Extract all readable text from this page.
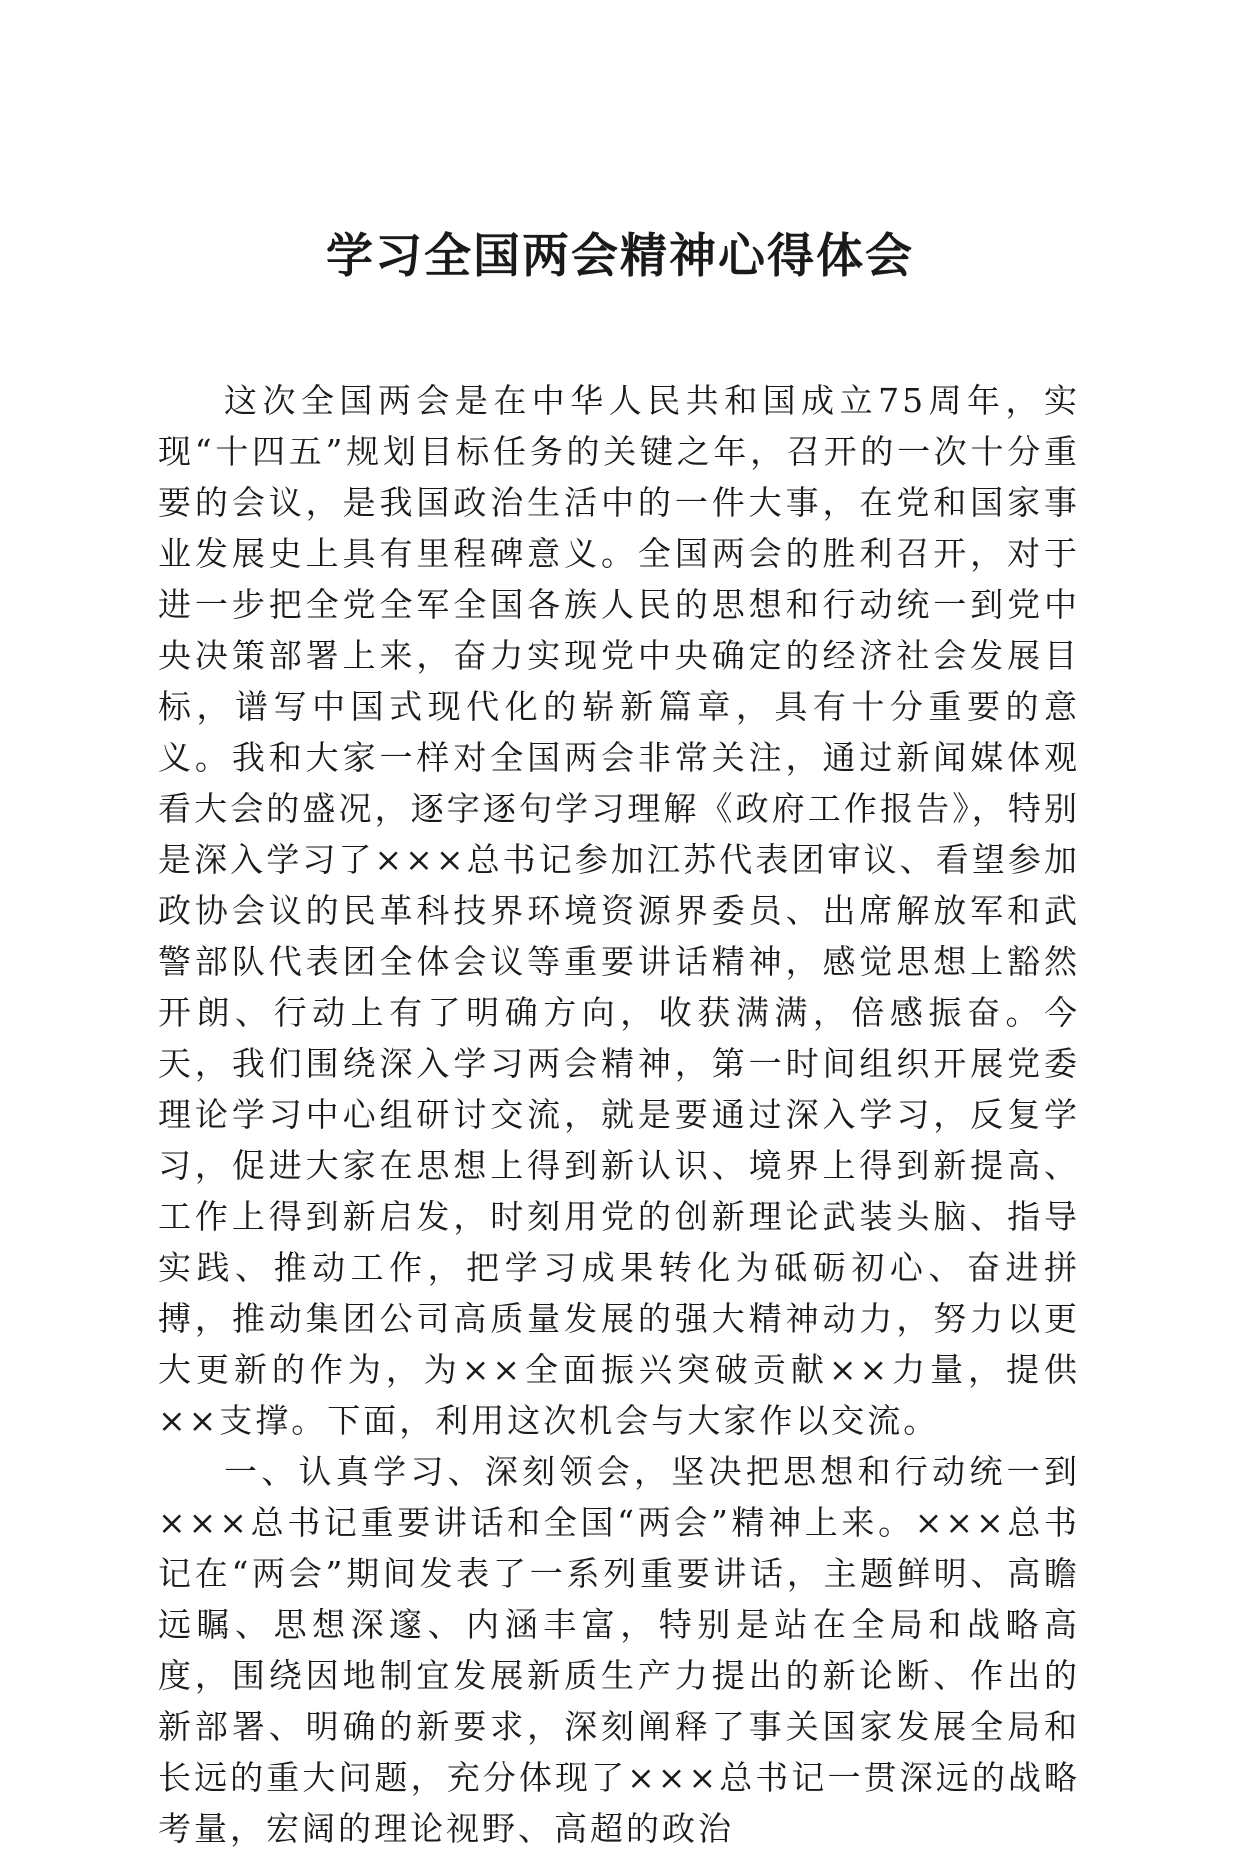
学习全国两会精神心得体会

这次全国两会是在中华人民共和国成立75周年，实现“十四五”规划目标任务的关键之年，召开的一次十分重要的会议，是我国政治生活中的一件大事，在党和国家事业发展史上具有里程碑意义。全国两会的胜利召开，对于进一步把全党全军全国各族人民的思想和行动统一到党中央决策部署上来，奋力实现党中央确定的经济社会发展目标，谱写中国式现代化的崭新篇章，具有十分重要的意义。我和大家一样对全国两会非常关注，通过新闻媒体观看大会的盛况，逐字逐句学习理解《政府工作报告》，特别是深入学习了×××总书记参加江苏代表团审议、看望参加政协会议的民革科技界环境资源界委员、出席解放军和武警部队代表团全体会议等重要讲话精神，感觉思想上豁然开朗、行动上有了明确方向，收获满满，倍感振奋。今天，我们围绕深入学习两会精神，第一时间组织开展党委理论学习中心组研讨交流，就是要通过深入学习，反复学习，促进大家在思想上得到新认识、境界上得到新提高、工作上得到新启发，时刻用党的创新理论武装头脑、指导实践、推动工作，把学习成果转化为砥砺初心、奋进拼搏，推动集团公司高质量发展的强大精神动力，努力以更大更新的作为，为××全面振兴突破贡献××力量，提供××支撑。下面，利用这次机会与大家作以交流。

一、认真学习、深刻领会，坚决把思想和行动统一到×××总书记重要讲话和全国“两会”精神上来。×××总书记在“两会”期间发表了一系列重要讲话，主题鲜明、高瞻远瞩、思想深邃、内涵丰富，特别是站在全局和战略高度，围绕因地制宜发展新质生产力提出的新论断、作出的新部署、明确的新要求，深刻阐释了事关国家发展全局和长远的重大问题，充分体现了×××总书记一贯深远的战略考量，宏阔的理论视野、高超的政治
